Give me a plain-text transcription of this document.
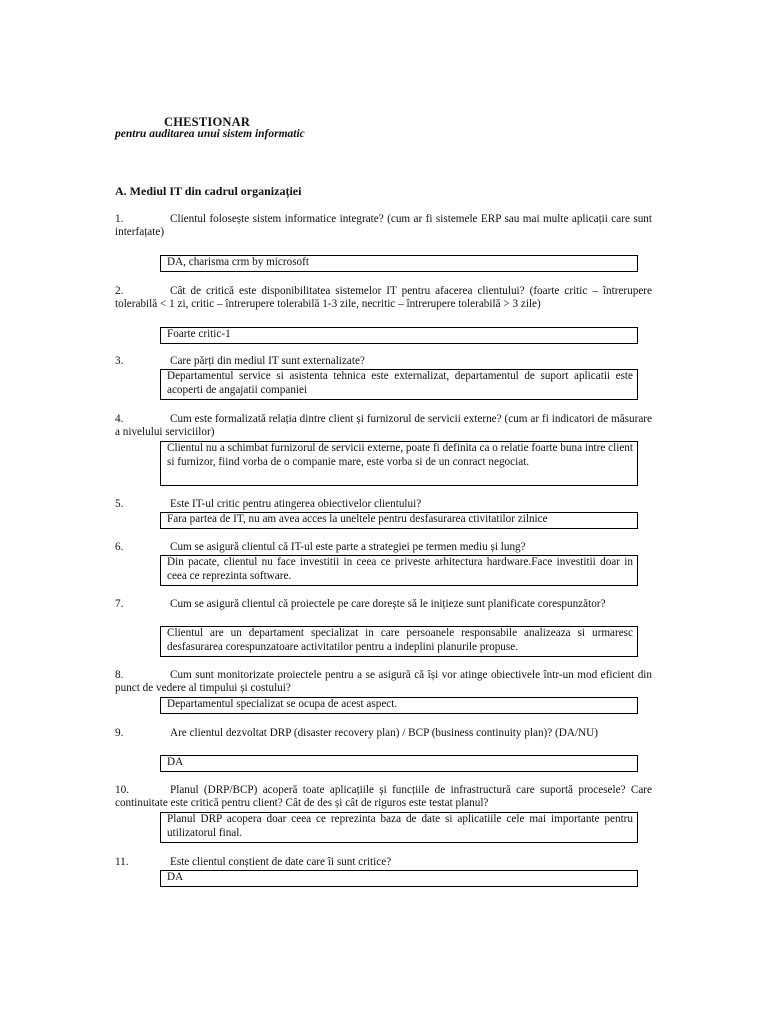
CHESTIONAR
pentru auditarea unui sistem informatic
A. Mediul IT din cadrul organizației
1.	Clientul folosește sistem informatice integrate? (cum ar fi sistemele ERP sau mai multe aplicații care sunt interfațate)
DA, charisma crm by microsoft
2.	Cât de critică este disponibilitatea sistemelor IT pentru afacerea clientului? (foarte critic – întrerupere tolerabilă < 1 zi, critic – întrerupere tolerabilă 1-3 zile, necritic – întrerupere tolerabilă > 3 zile)
Foarte critic-1
3.	Care părți din mediul IT sunt externalizate?
Departamentul service si asistenta tehnica este externalizat, departamentul de suport aplicatii este acoperti de angajatii companiei
4.	Cum este formalizată relația dintre client și furnizorul de servicii externe? (cum ar fi indicatori de măsurare a nivelului serviciilor)
Clientul nu a schimbat furnizorul de servicii externe, poate fi definita ca o relatie foarte buna intre client si furnizor, fiind vorba de o companie mare, este vorba si de un conract negociat.
5.	Este IT-ul critic pentru atingerea obiectivelor clientului?
Fara partea de IT, nu am avea acces la uneltele pentru desfasurarea ctivitatilor zilnice
6.	Cum se asigură clientul că IT-ul este parte a strategiei pe termen mediu și lung?
Din pacate, clientul nu face investitii in ceea ce priveste arhitectura hardware.Face investitii doar in ceea ce reprezinta software.
7.	Cum se asigură clientul că proiectele pe care dorește să le inițieze sunt planificate corespunzător?
Clientul are un departament specializat in care persoanele responsabile analizeaza si urmaresc desfasurarea corespunzatoare activitatilor pentru a indeplini planurile propuse.
8.	Cum sunt monitorizate proiectele pentru a se asigură că își vor atinge obiectivele într-un mod eficient din punct de vedere al timpului și costului?
Departamentul specializat se ocupa de acest aspect.
9.	Are clientul dezvoltat DRP (disaster recovery plan) / BCP (business continuity plan)? (DA/NU)
DA
10.	Planul (DRP/BCP) acoperă toate aplicațiile și funcțiile de infrastructură care suportă procesele? Care continuitate este critică pentru client? Cât de des și cât de riguros este testat planul?
Planul DRP acopera doar ceea ce reprezinta baza de date si aplicatiile cele mai importante pentru utilizatorul final.
11.	Este clientul conștient de date care îi sunt critice?
DA
